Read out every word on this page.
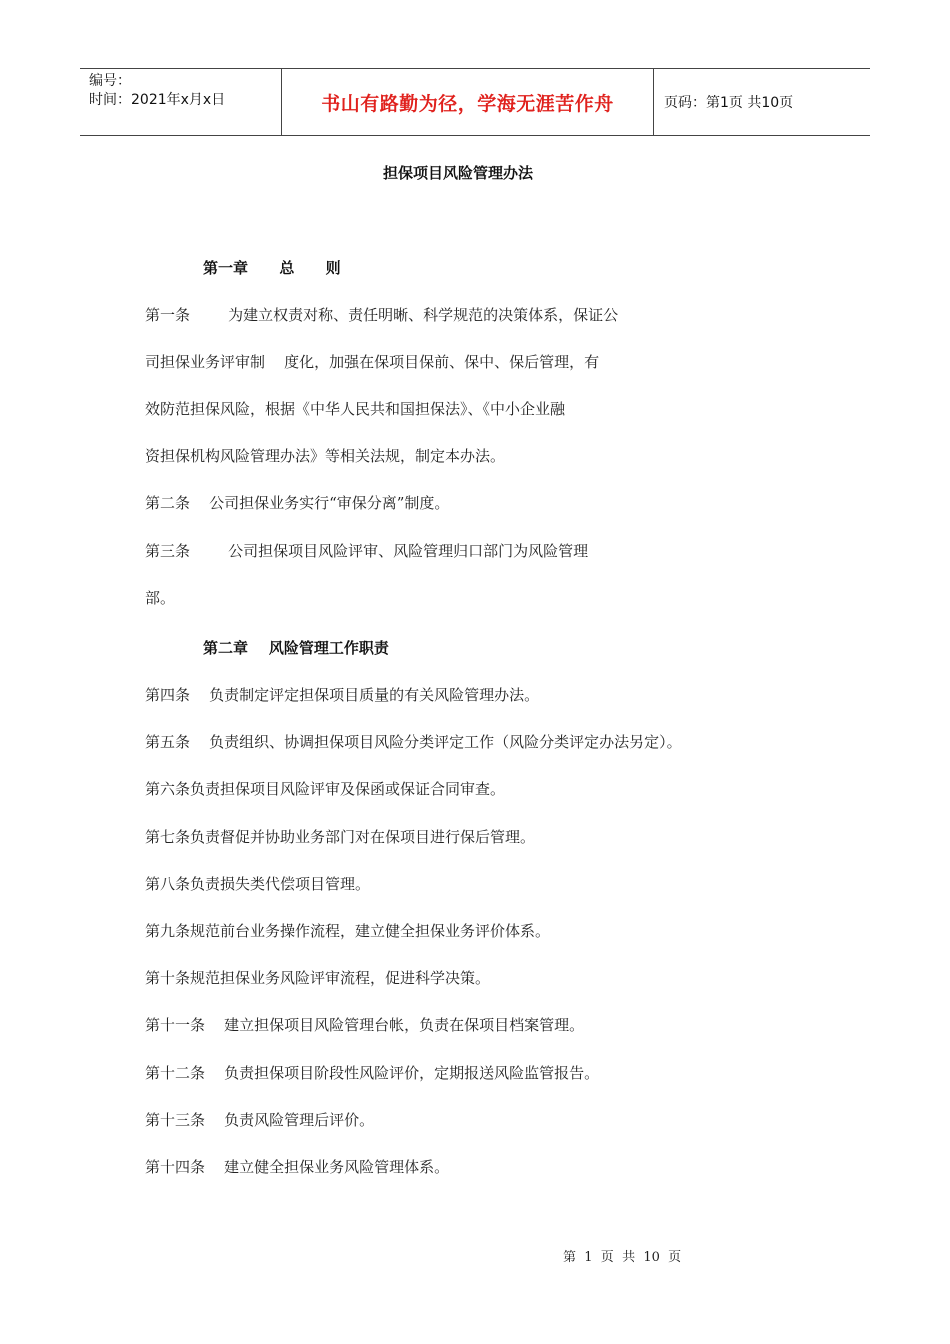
编号：
时间：2021年x月x日	书山有路勤为径，学海无涯苦作舟	页码：第1页 共10页
担保项目风险管理办法
第一章      总      则
第一条        为建立权责对称、责任明晰、科学规范的决策体系，保证公
司担保业务评审制    度化，加强在保项目保前、保中、保后管理，有
效防范担保风险，根据《中华人民共和国担保法》、《中小企业融
资担保机构风险管理办法》等相关法规，制定本办法。
第二条    公司担保业务实行“审保分离”制度。
第三条        公司担保项目风险评审、风险管理归口部门为风险管理
部。
第二章    风险管理工作职责
第四条    负责制定评定担保项目质量的有关风险管理办法。
第五条    负责组织、协调担保项目风险分类评定工作（风险分类评定办法另定）。
第六条负责担保项目风险评审及保函或保证合同审查。
第七条负责督促并协助业务部门对在保项目进行保后管理。
第八条负责损失类代偿项目管理。
第九条规范前台业务操作流程，建立健全担保业务评价体系。
第十条规范担保业务风险评审流程，促进科学决策。
第十一条    建立担保项目风险管理台帐，负责在保项目档案管理。
第十二条    负责担保项目阶段性风险评价，定期报送风险监管报告。
第十三条    负责风险管理后评价。
第十四条    建立健全担保业务风险管理体系。
第  1  页  共  10  页
